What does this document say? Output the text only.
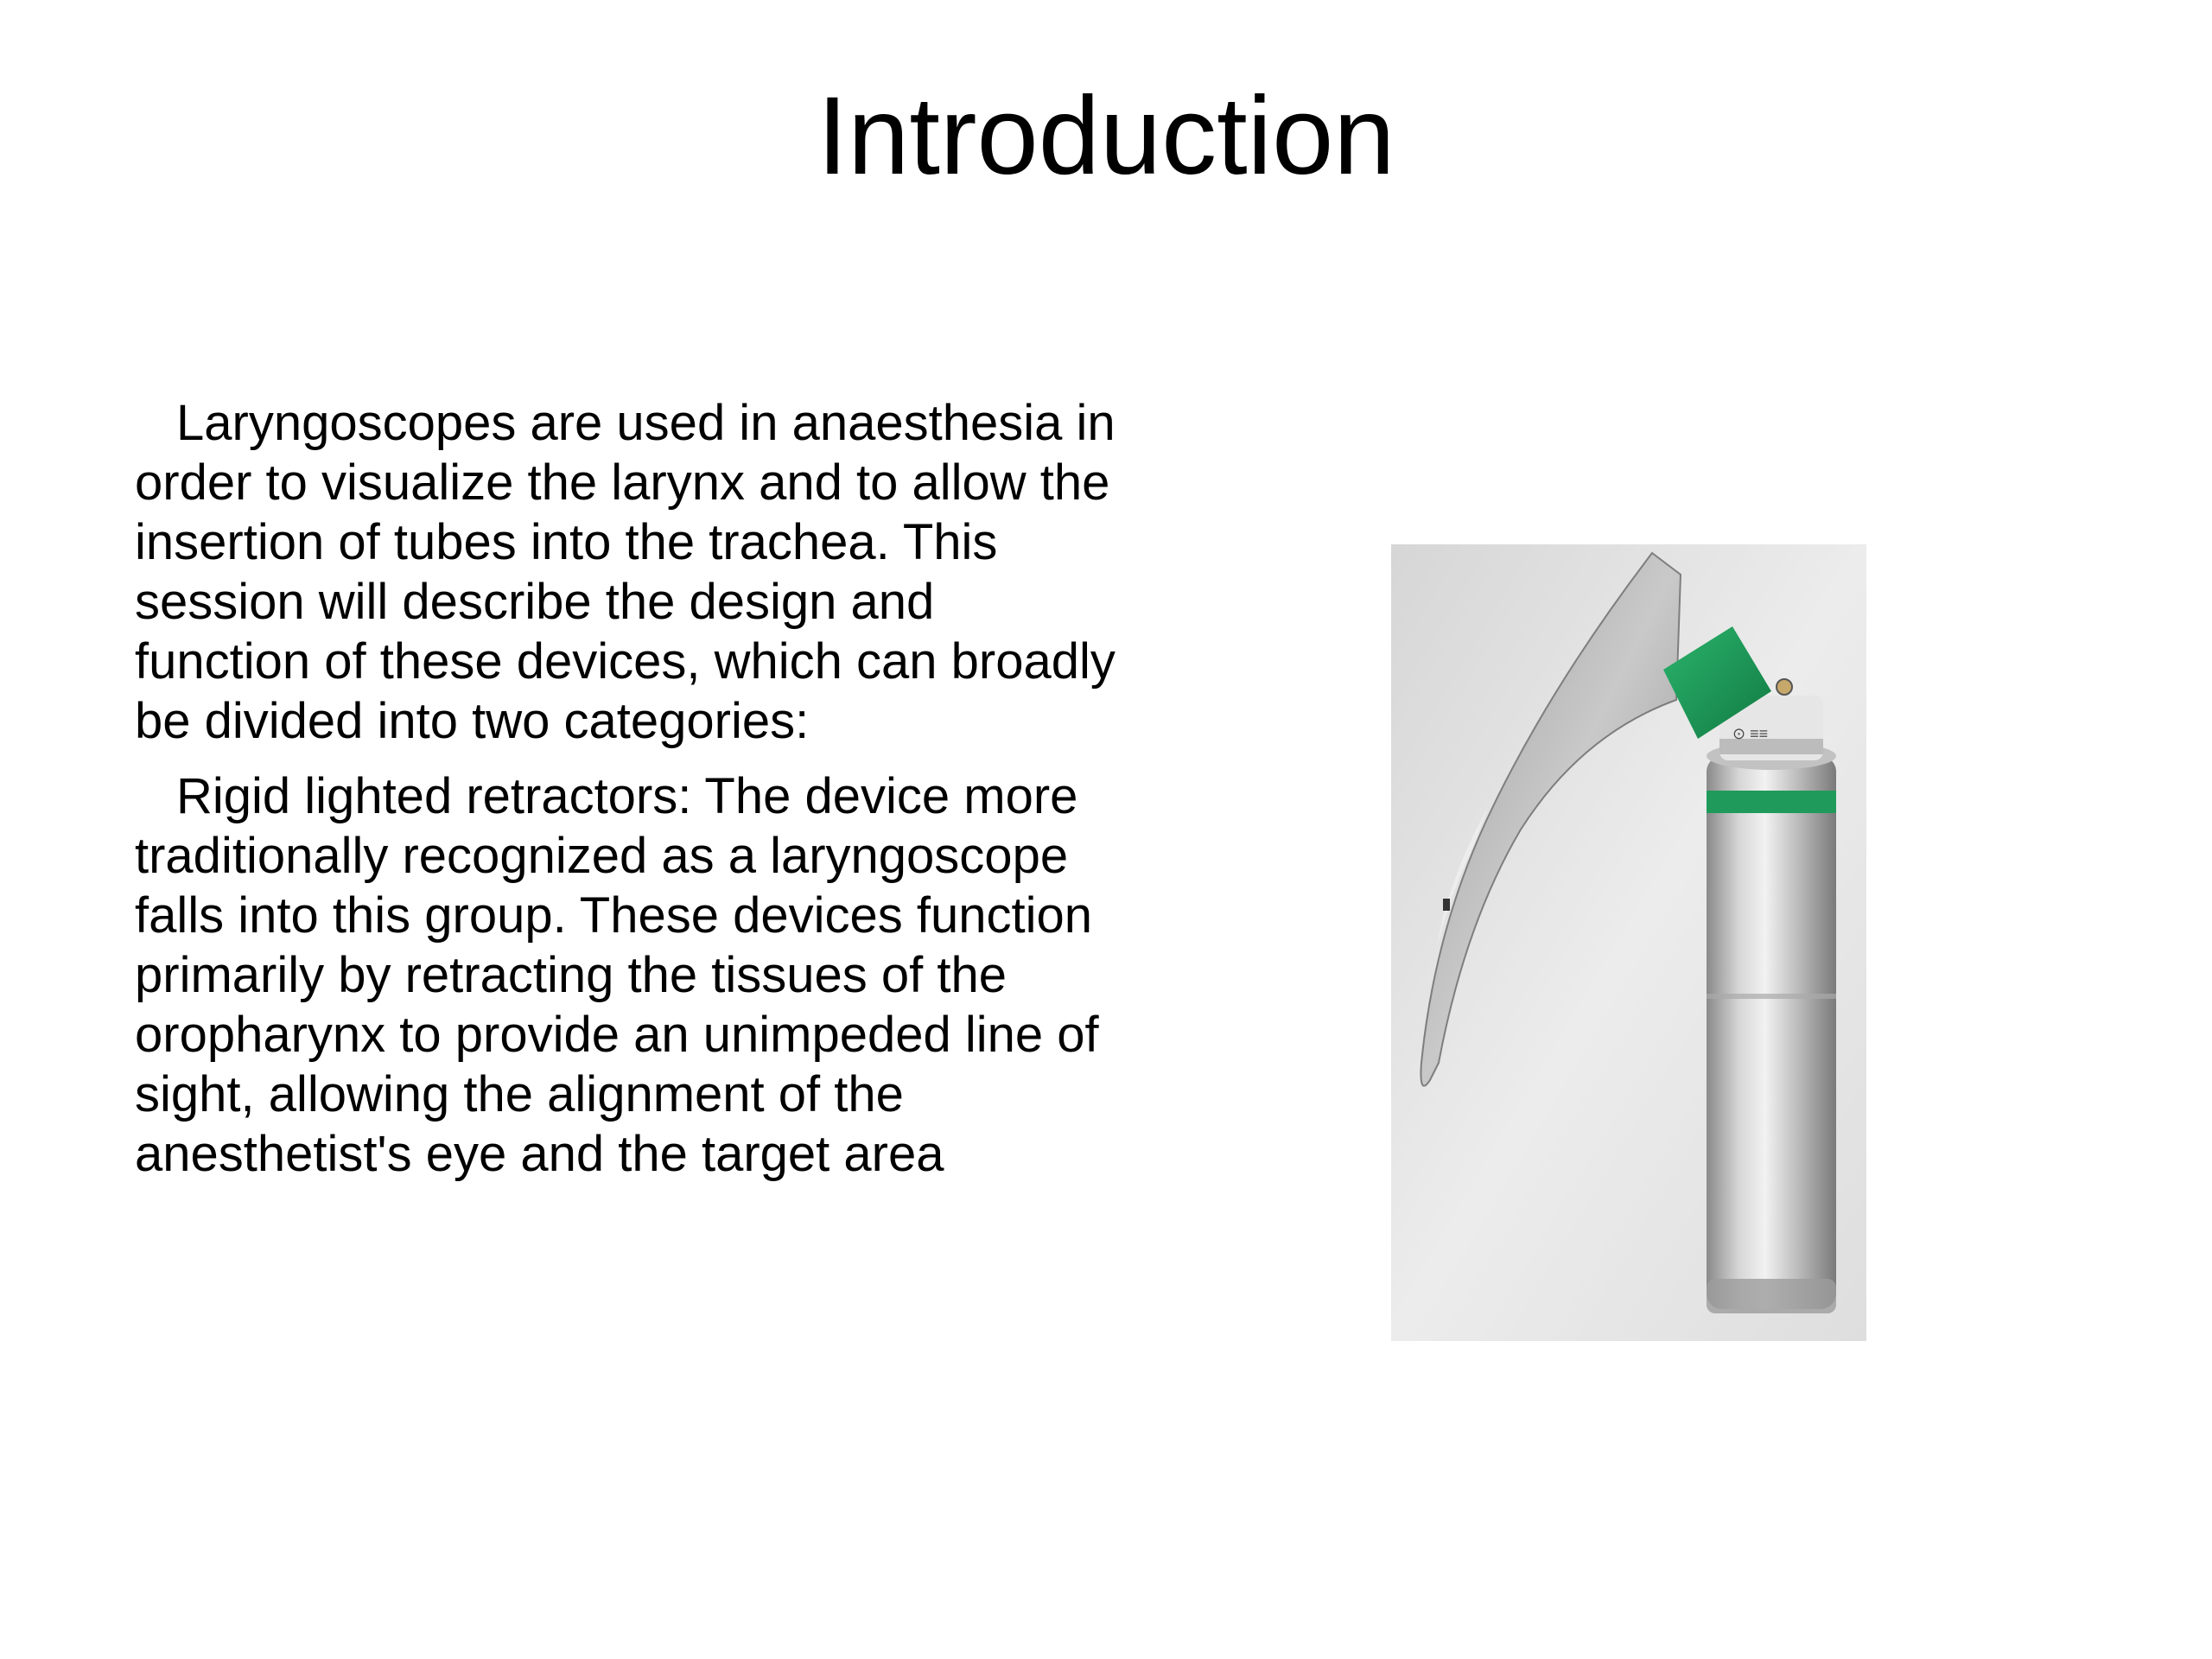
Introduction

Laryngoscopes are used in anaesthesia in order to visualize the larynx and to allow the insertion of tubes into the trachea. This session will describe the design and function of these devices, which can broadly be divided into two categories:

Rigid lighted retractors: The device more traditionally recognized as a laryngoscope falls into this group. These devices function primarily by retracting the tissues of the oropharynx to provide an unimpeded line of sight, allowing the alignment of the anesthetist's eye and the target area

⊙ ≡≡
